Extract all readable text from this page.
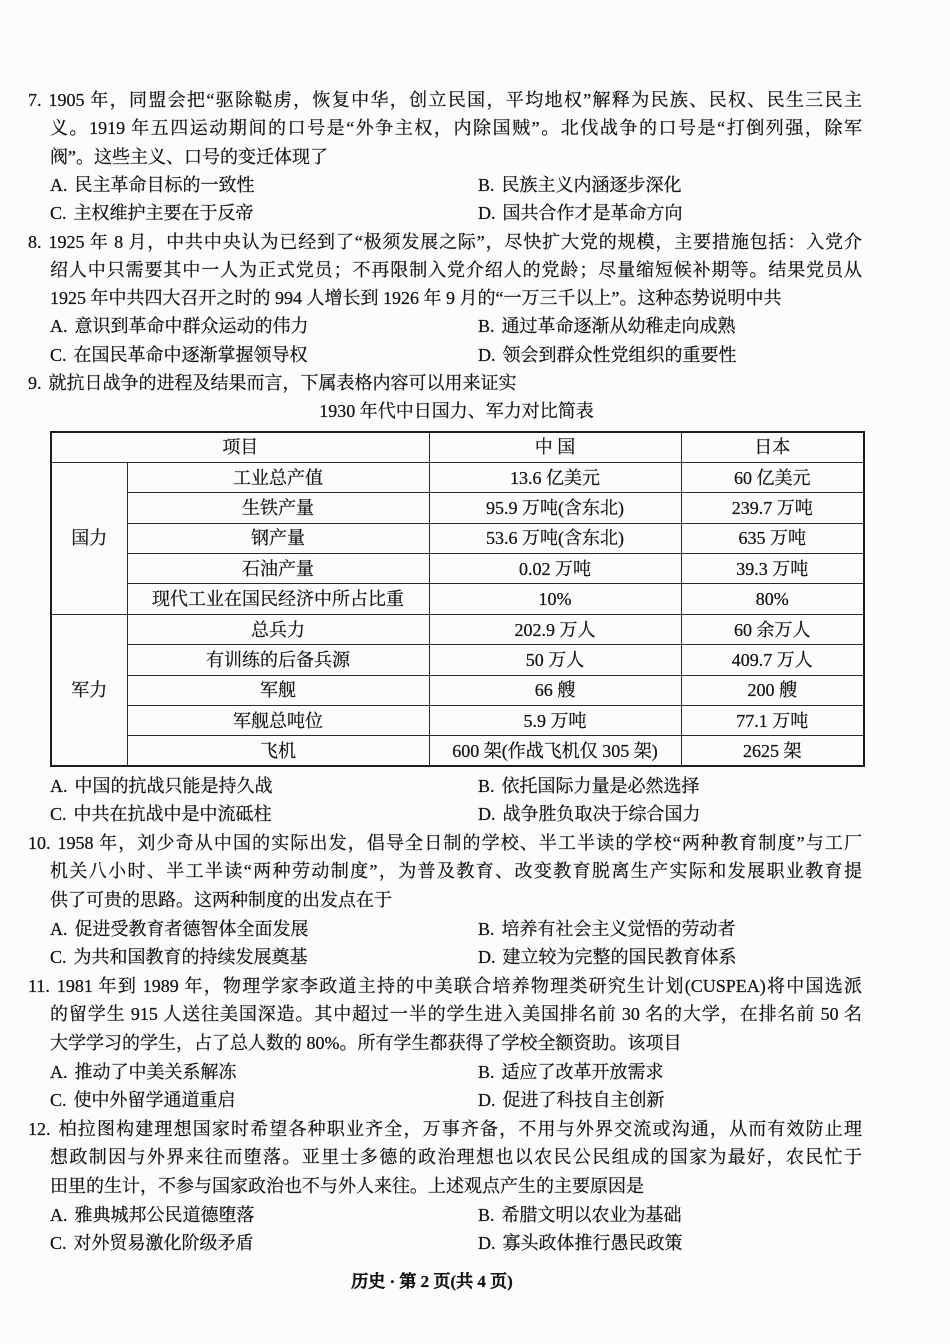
7. 1905 年，同盟会把“驱除鞑虏，恢复中华，创立民国，平均地权”解释为民族、民权、民生三民主
义。1919 年五四运动期间的口号是“外争主权，内除国贼”。北伐战争的口号是“打倒列强，除军
阀”。这些主义、口号的变迁体现了
A. 民主革命目标的一致性	B. 民族主义内涵逐步深化
C. 主权维护主要在于反帝	D. 国共合作才是革命方向
8. 1925 年 8 月，中共中央认为已经到了“极须发展之际”，尽快扩大党的规模，主要措施包括：入党介
绍人中只需要其中一人为正式党员；不再限制入党介绍人的党龄；尽量缩短候补期等。结果党员从
1925 年中共四大召开之时的 994 人增长到 1926 年 9 月的“一万三千以上”。这种态势说明中共
A. 意识到革命中群众运动的伟力	B. 通过革命逐渐从幼稚走向成熟
C. 在国民革命中逐渐掌握领导权	D. 领会到群众性党组织的重要性
9. 就抗日战争的进程及结果而言，下属表格内容可以用来证实
1930 年代中日国力、军力对比简表
项目		中 国	日本
国力	工业总产值	13.6 亿美元	60 亿美元
	生铁产量	95.9 万吨(含东北)	239.7 万吨
	钢产量	53.6 万吨(含东北)	635 万吨
	石油产量	0.02 万吨	39.3 万吨
	现代工业在国民经济中所占比重	10%	80%
军力	总兵力	202.9 万人	60 余万人
	有训练的后备兵源	50 万人	409.7 万人
	军舰	66 艘	200 艘
	军舰总吨位	5.9 万吨	77.1 万吨
	飞机	600 架(作战飞机仅 305 架)	2625 架
A. 中国的抗战只能是持久战	B. 依托国际力量是必然选择
C. 中共在抗战中是中流砥柱	D. 战争胜负取决于综合国力
10. 1958 年，刘少奇从中国的实际出发，倡导全日制的学校、半工半读的学校“两种教育制度”与工厂
机关八小时、半工半读“两种劳动制度”，为普及教育、改变教育脱离生产实际和发展职业教育提
供了可贵的思路。这两种制度的出发点在于
A. 促进受教育者德智体全面发展	B. 培养有社会主义觉悟的劳动者
C. 为共和国教育的持续发展奠基	D. 建立较为完整的国民教育体系
11. 1981 年到 1989 年，物理学家李政道主持的中美联合培养物理类研究生计划(CUSPEA)将中国选派
的留学生 915 人送往美国深造。其中超过一半的学生进入美国排名前 30 名的大学，在排名前 50 名
大学学习的学生，占了总人数的 80%。所有学生都获得了学校全额资助。该项目
A. 推动了中美关系解冻	B. 适应了改革开放需求
C. 使中外留学通道重启	D. 促进了科技自主创新
12. 柏拉图构建理想国家时希望各种职业齐全，万事齐备，不用与外界交流或沟通，从而有效防止理
想政制因与外界来往而堕落。亚里士多德的政治理想也以农民公民组成的国家为最好，农民忙于
田里的生计，不参与国家政治也不与外人来往。上述观点产生的主要原因是
A. 雅典城邦公民道德堕落	B. 希腊文明以农业为基础
C. 对外贸易激化阶级矛盾	D. 寡头政体推行愚民政策
历史 · 第 2 页(共 4 页)
